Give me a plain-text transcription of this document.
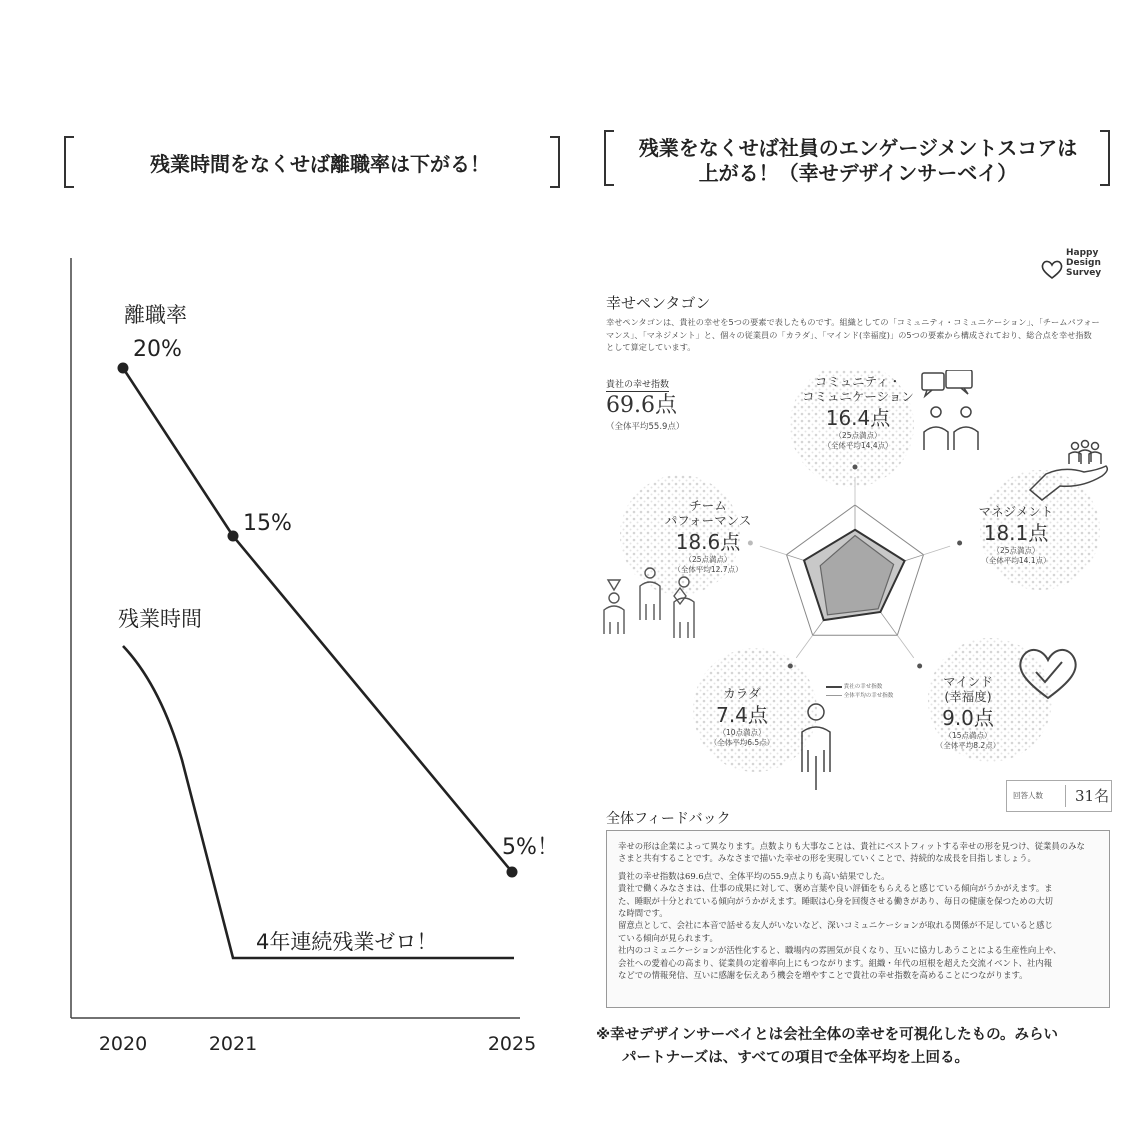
残業時間をなくせば離職率は下がる！
残業をなくせば社員のエンゲージメントスコアは
上がる！（幸せデザインサーベイ）
2020	2021	2025
離職率
残業時間
4年連続残業ゼロ！
20%
15%
5%！
Happy
Design
Survey
幸せペンタゴン
幸せペンタゴンは、貴社の幸せを5つの要素で表したものです。組織としての「コミュニティ・コミュニケーション」、「チームパフォー
マンス」、「マネジメント」と、個々の従業員の「カラダ」、「マインド(幸福度)」の5つの要素から構成されており、総合点を幸せ指数
として算定しています。
貴社の幸せ指数
69.6点
（全体平均55.9点）
コミュニティ・
コミュニケーション
16.4点
（25点満点）
（全体平均14.4点）
マネジメント
18.1点
（25点満点）
（全体平均14.1点）
マインド
(幸福度)
9.0点
（15点満点）
（全体平均8.2点）
カラダ
7.4点
（10点満点）
（全体平均6.5点）
チーム
パフォーマンス
18.6点
（25点満点）
（全体平均12.7点）
貴社の幸せ指数
全体平均の幸せ指数
回答人数 31名
全体フィードバック

幸せの形は企業によって異なります。点数よりも大事なことは、貴社にベストフィットする幸せの形を見つけ、従業員のみな
さまと共有することです。みなさまで描いた幸せの形を実現していくことで、持続的な成長を目指しましょう。

貴社の幸せ指数は69.6点で、全体平均の55.9点よりも高い結果でした。
貴社で働くみなさまは、仕事の成果に対して、褒め言葉や良い評価をもらえると感じている傾向がうかがえます。ま
た、睡眠が十分とれている傾向がうかがえます。睡眠は心身を回復させる働きがあり、毎日の健康を保つための大切
な時間です。
留意点として、会社に本音で話せる友人がいないなど、深いコミュニケーションが取れる関係が不足していると感じ
ている傾向が見られます。
社内のコミュニケーションが活性化すると、職場内の雰囲気が良くなり、互いに協力しあうことによる生産性向上や、
会社への愛着心の高まり、従業員の定着率向上にもつながります。組織・年代の垣根を超えた交流イベント、社内報
などでの情報発信、互いに感謝を伝えあう機会を増やすことで貴社の幸せ指数を高めることにつながります。

※幸せデザインサーベイとは会社全体の幸せを可視化したもの。みらい
パートナーズは、すべての項目で全体平均を上回る。
